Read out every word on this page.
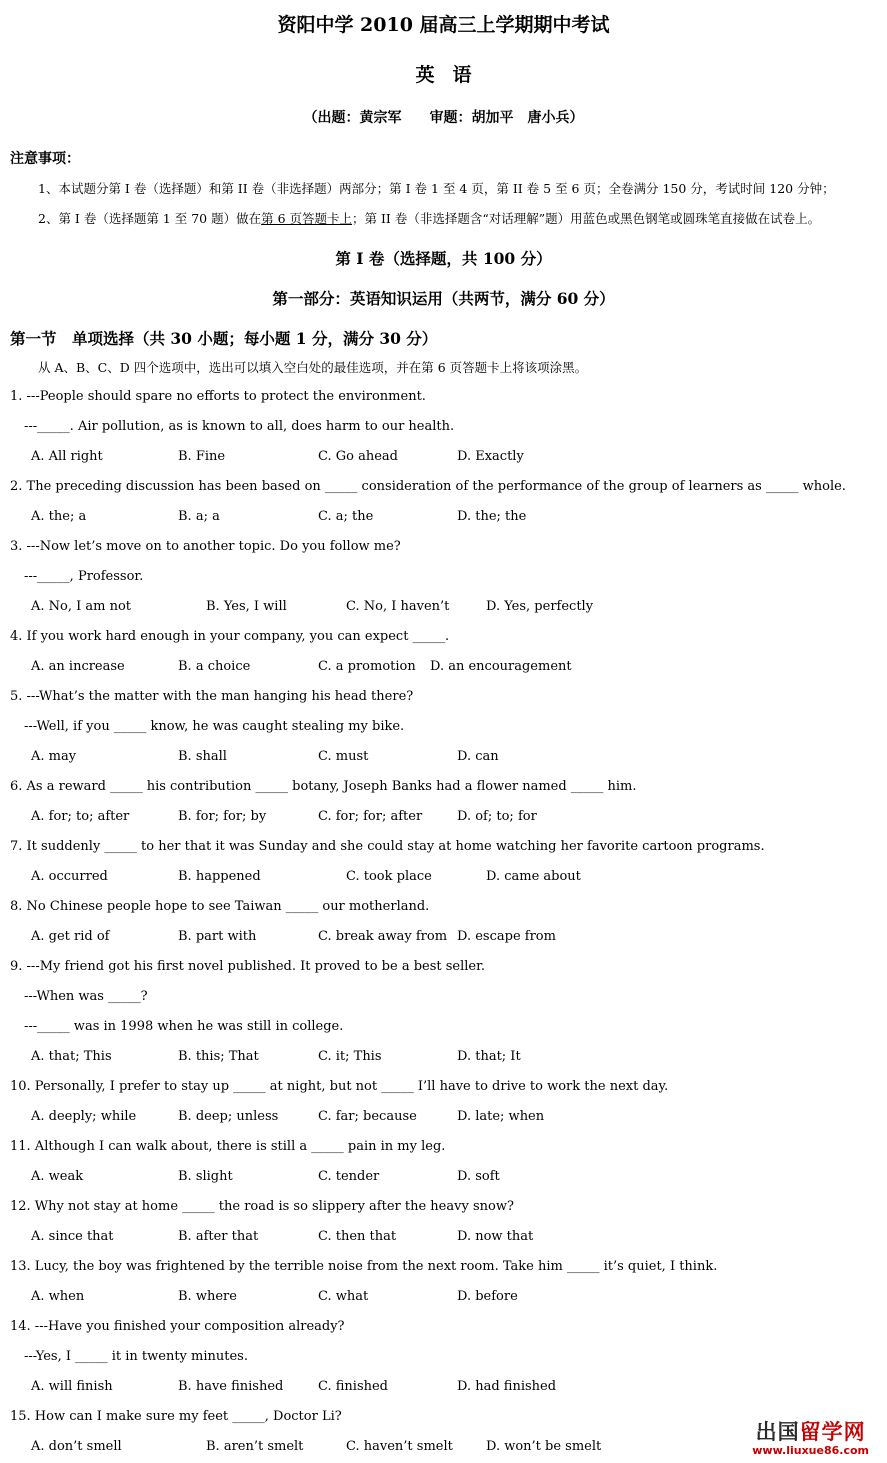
资阳中学 2010 届高三上学期期中考试
英语
（出题：黄宗军　　审题：胡加平　唐小兵）
注意事项：
1、本试题分第 I 卷（选择题）和第 II 卷（非选择题）两部分；第 I 卷 1 至 4 页，第 II 卷 5 至 6 页；全卷满分 150 分，考试时间 120 分钟；
2、第 I 卷（选择题第 1 至 70 题）做在第 6 页答题卡上；第 II 卷（非选择题含“对话理解”题）用蓝色或黑色钢笔或圆珠笔直接做在试卷上。
第 I 卷（选择题，共 100 分）
第一部分：英语知识运用（共两节，满分 60 分）
第一节　单项选择（共 30 小题；每小题 1 分，满分 30 分）
从 A、B、C、D 四个选项中，选出可以填入空白处的最佳选项，并在第 6 页答题卡上将该项涂黑。
1. ---People should spare no efforts to protect the environment.
---_____. Air pollution, as is known to all, does harm to our health.
A. All right	B. Fine	C. Go ahead	D. Exactly
2. The preceding discussion has been based on _____ consideration of the performance of the group of learners as _____ whole.
A. the; a	B. a; a	C. a; the	D. the; the
3. ---Now let’s move on to another topic. Do you follow me?
---_____, Professor.
A. No, I am not	B. Yes, I will	C. No, I haven’t	D. Yes, perfectly
4. If you work hard enough in your company, you can expect _____.
A. an increase	B. a choice	C. a promotion D. an encouragement
5. ---What’s the matter with the man hanging his head there?
---Well, if you _____ know, he was caught stealing my bike.
A. may	B. shall	C. must	D. can
6. As a reward _____ his contribution _____ botany, Joseph Banks had a flower named _____ him.
A. for; to; after	B. for; for; by	C. for; for; after	D. of; to; for
7. It suddenly _____ to her that it was Sunday and she could stay at home watching her favorite cartoon programs.
A. occurred	B. happened	C. took place	D. came about
8. No Chinese people hope to see Taiwan _____ our motherland.
A. get rid of	B. part with	C. break away from D. escape from
9. ---My friend got his first novel published. It proved to be a best seller.
---When was _____?
---_____ was in 1998 when he was still in college.
A. that; This	B. this; That	C. it; This	D. that; It
10. Personally, I prefer to stay up _____ at night, but not _____ I’ll have to drive to work the next day.
A. deeply; while	B. deep; unless	C. far; because	D. late; when
11. Although I can walk about, there is still a _____ pain in my leg.
A. weak	B. slight	C. tender	D. soft
12. Why not stay at home _____ the road is so slippery after the heavy snow?
A. since that	B. after that	C. then that	D. now that
13. Lucy, the boy was frightened by the terrible noise from the next room. Take him _____ it’s quiet, I think.
A. when	B. where	C. what	D. before
14. ---Have you finished your composition already?
---Yes, I _____ it in twenty minutes.
A. will finish	B. have finished	C. finished	D. had finished
15. How can I make sure my feet _____, Doctor Li?
A. don’t smell	B. aren’t smelt	C. haven’t smelt	D. won’t be smelt
出国留学网
www.liuxue86.com
